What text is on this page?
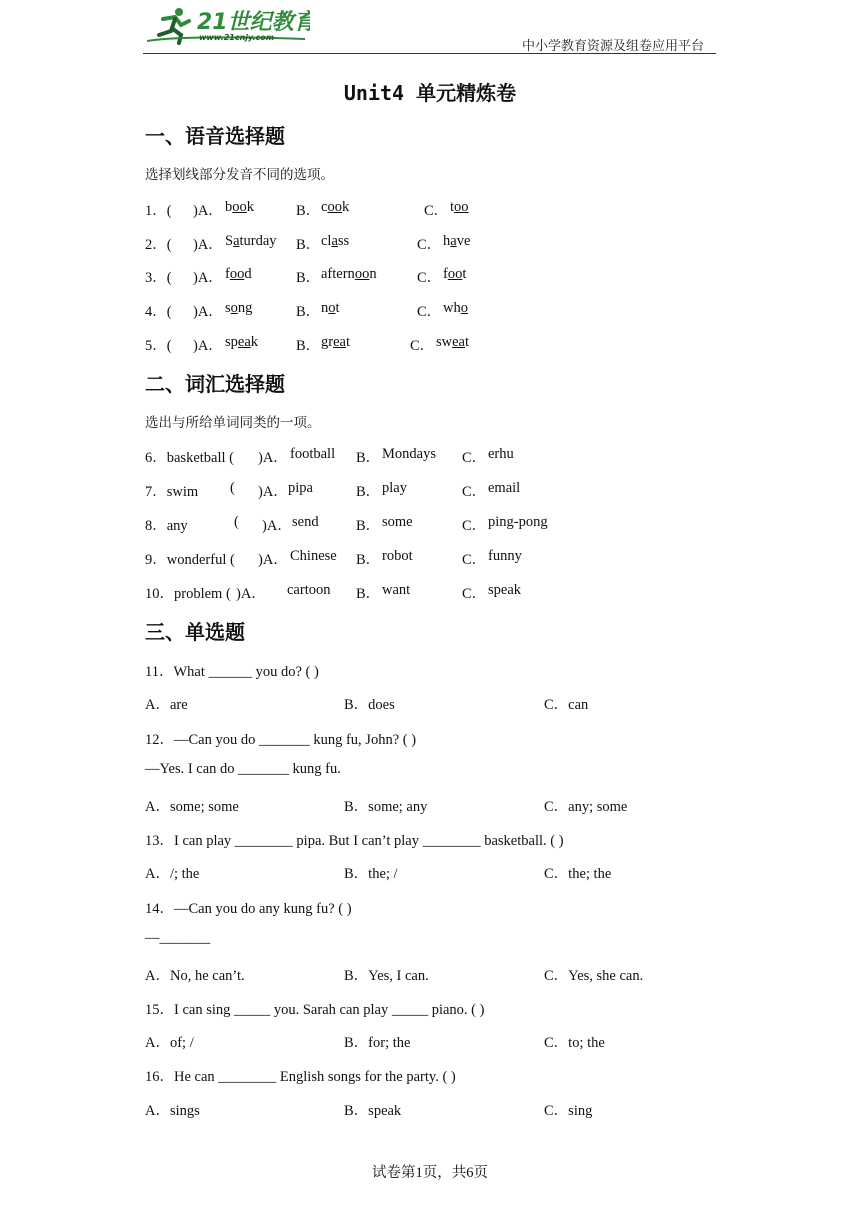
21世纪教育
www.21cnjy.com
中小学教育资源及组卷应用平台
Unit4 单元精炼卷
一、语音选择题
选择划线部分发音不同的选项。
1．( )A． book	B． cook	C． too
2．( )A． Saturday B． class	C． have
3．( )A． food	B． afternoon	C． foot
4．( )A． song	B． not	C． who
5．( )A． speak	B． great	C． sweat
二、词汇选择题
选出与所给单词同类的一项。
6．basketball ( )A． football B． Mondays C． erhu
7．swim ( )A． pipa	B． play	C． email
8．any	( )A． send	B． some	C． ping-pong
9．wonderful ( )A． Chinese B． robot	C． funny
10．problem ( )A． cartoon B． want	C． speak
三、单选题
11．What ______ you do? ( )
A．are	B．does	C．can
12．—Can you do _______ kung fu, John? ( )
—Yes. I can do _______ kung fu.
A．some; some	B．some; any	C．any; some
13．I can play ________ pipa. But I can’t play ________ basketball. ( )
A．/; the	B．the; /	C．the; the
14．—Can you do any kung fu? ( )
—_______
A．No, he can’t.	B．Yes, I can.	C．Yes, she can.
15．I can sing _____ you. Sarah can play _____ piano. ( )
A．of; /	B．for; the	C．to; the
16．He can ________ English songs for the party. ( )
A．sings	B．speak	C．sing
试卷第1页，共6页
